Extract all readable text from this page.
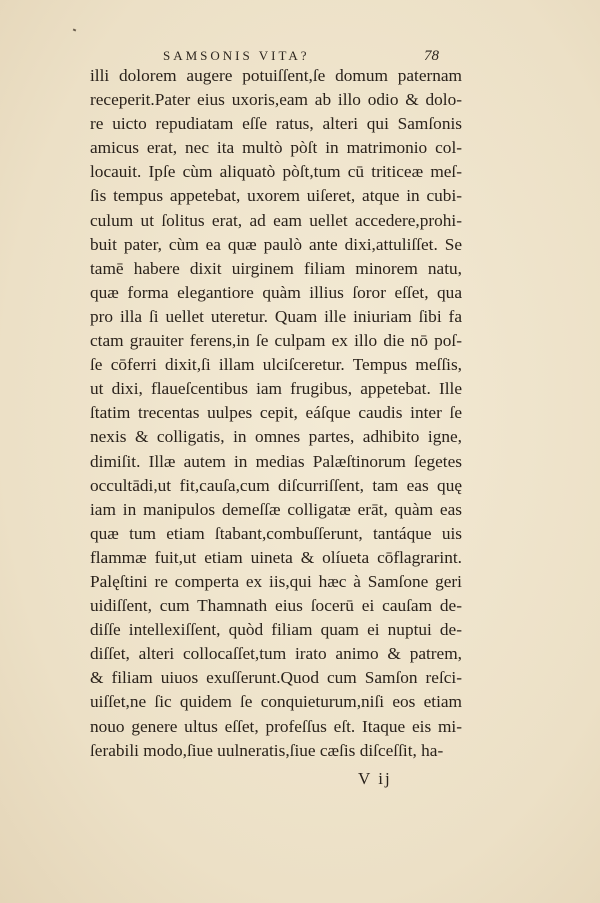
SAMSONIS VITA?	78
illi dolorem augere potuiſſent,ſe domum paternam
receperit.Pater eius uxoris,eam ab illo odio & dolo-
re uicto repudiatam eſſe ratus, alteri qui Samſonis
amicus erat, nec ita multò pòſt in matrimonio col-
locauit. Ipſe cùm aliquatò pòſt,tum cū triticeæ meſ-
ſis tempus appetebat, uxorem uiſeret, atque in cubi-
culum ut ſolitus erat, ad eam uellet accedere,prohi-
buit pater, cùm ea quæ paulò ante dixi,attuliſſet. Se
tamē habere dixit uirginem filiam minorem natu,
quæ forma elegantiore quàm illius ſoror eſſet, qua
pro illa ſi uellet uteretur. Quam ille iniuriam ſibi fa
ctam grauiter ferens,in ſe culpam ex illo die nō poſ-
ſe cōferri dixit,ſi illam ulciſceretur. Tempus meſſis,
ut dixi, flaueſcentibus iam frugibus, appetebat. Ille
ſtatim trecentas uulpes cepit, eáſque caudis inter ſe
nexis & colligatis, in omnes partes, adhibito igne,
dimiſit. Illæ autem in medias Palæſtinorum ſegetes
occultādi,ut fit,cauſa,cum diſcurriſſent, tam eas quę
iam in manipulos demeſſæ colligatæ erāt, quàm eas
quæ tum etiam ſtabant,combuſſerunt, tantáque uis
flammæ fuit,ut etiam uineta & olíueta cōflagrarint.
Palęſtini re comperta ex iis,qui hæc à Samſone geri
uidiſſent, cum Thamnath eius ſocerū ei cauſam de-
diſſe intellexiſſent, quòd filiam quam ei nuptui de-
diſſet, alteri collocaſſet,tum irato animo & patrem,
& filiam uiuos exuſſerunt.Quod cum Samſon reſci-
uiſſet,ne ſic quidem ſe conquieturum,niſi eos etiam
nouo genere ultus eſſet, profeſſus eſt. Itaque eis mi-
ſerabili modo,ſiue uulneratis,ſiue cæſis diſceſſit, ha-
V ij
